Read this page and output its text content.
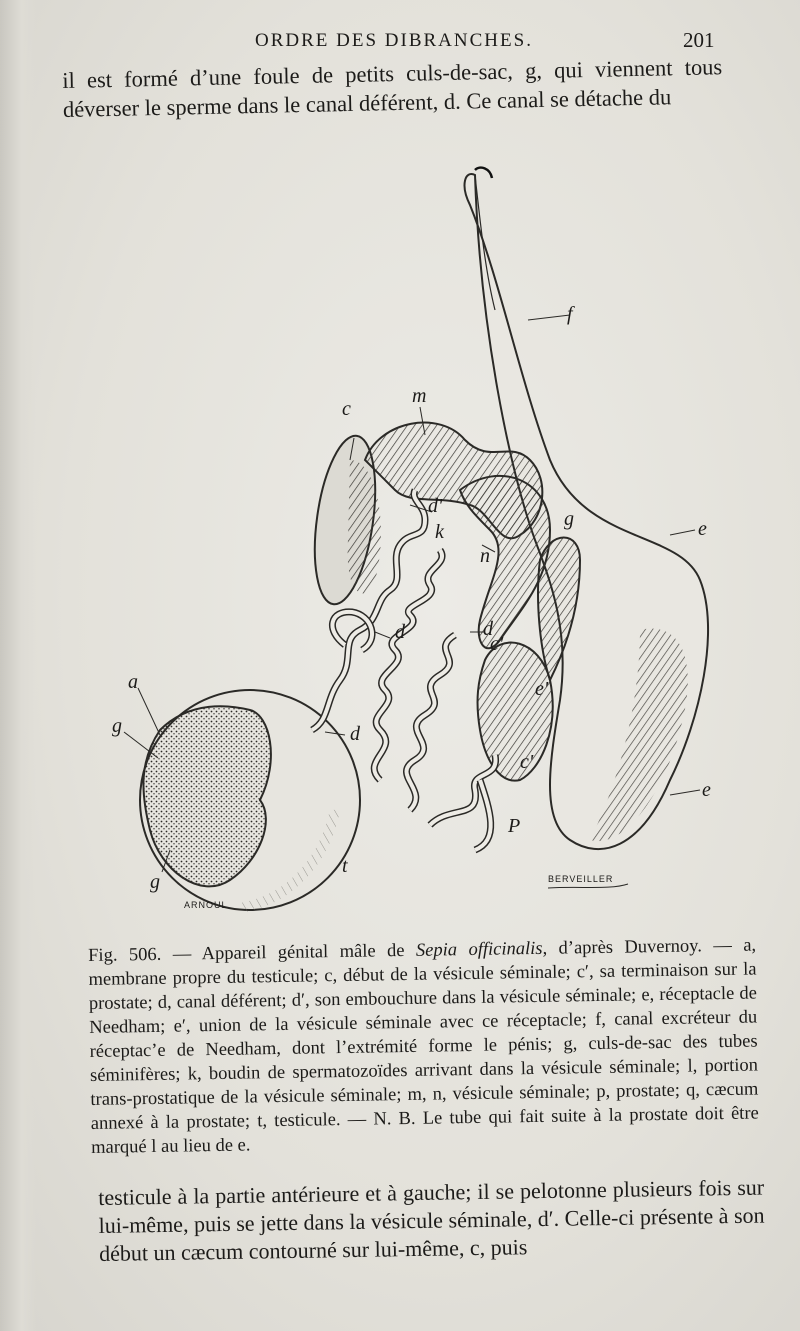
ORDRE DES DIBRANCHES.	201
il est formé d’une foule de petits culs-de-sac, g, qui viennent tous déverser le sperme dans le canal déférent, d. Ce canal se détache du
a
g
g
c
m
d'
k
d	d
d
n
c'
g	e
e
e'
c'
P
f
t
ARNOUL
BERVEILLER
Fig. 506. — Appareil génital mâle de Sepia officinalis, d’après Duvernoy. — a, membrane propre du testicule; c, début de la vésicule séminale; c′, sa terminaison sur la prostate; d, canal déférent; d′, son embouchure dans la vésicule séminale; e, réceptacle de Needham; e′, union de la vésicule séminale avec ce réceptacle; f, canal excréteur du réceptac’e de Needham, dont l’extrémité forme le pénis; g, culs-de-sac des tubes séminifères; k, boudin de spermatozoïdes arrivant dans la vésicule séminale; l, portion trans-prostatique de la vésicule séminale; m, n, vésicule séminale; p, prostate; q, cæcum annexé à la prostate; t, testicule. — N. B. Le tube qui fait suite à la prostate doit être marqué l au lieu de e.
testicule à la partie antérieure et à gauche; il se pelotonne plusieurs fois sur lui-même, puis se jette dans la vésicule séminale, d′. Celle-ci présente à son début un cæcum contourné sur lui-même, c, puis
